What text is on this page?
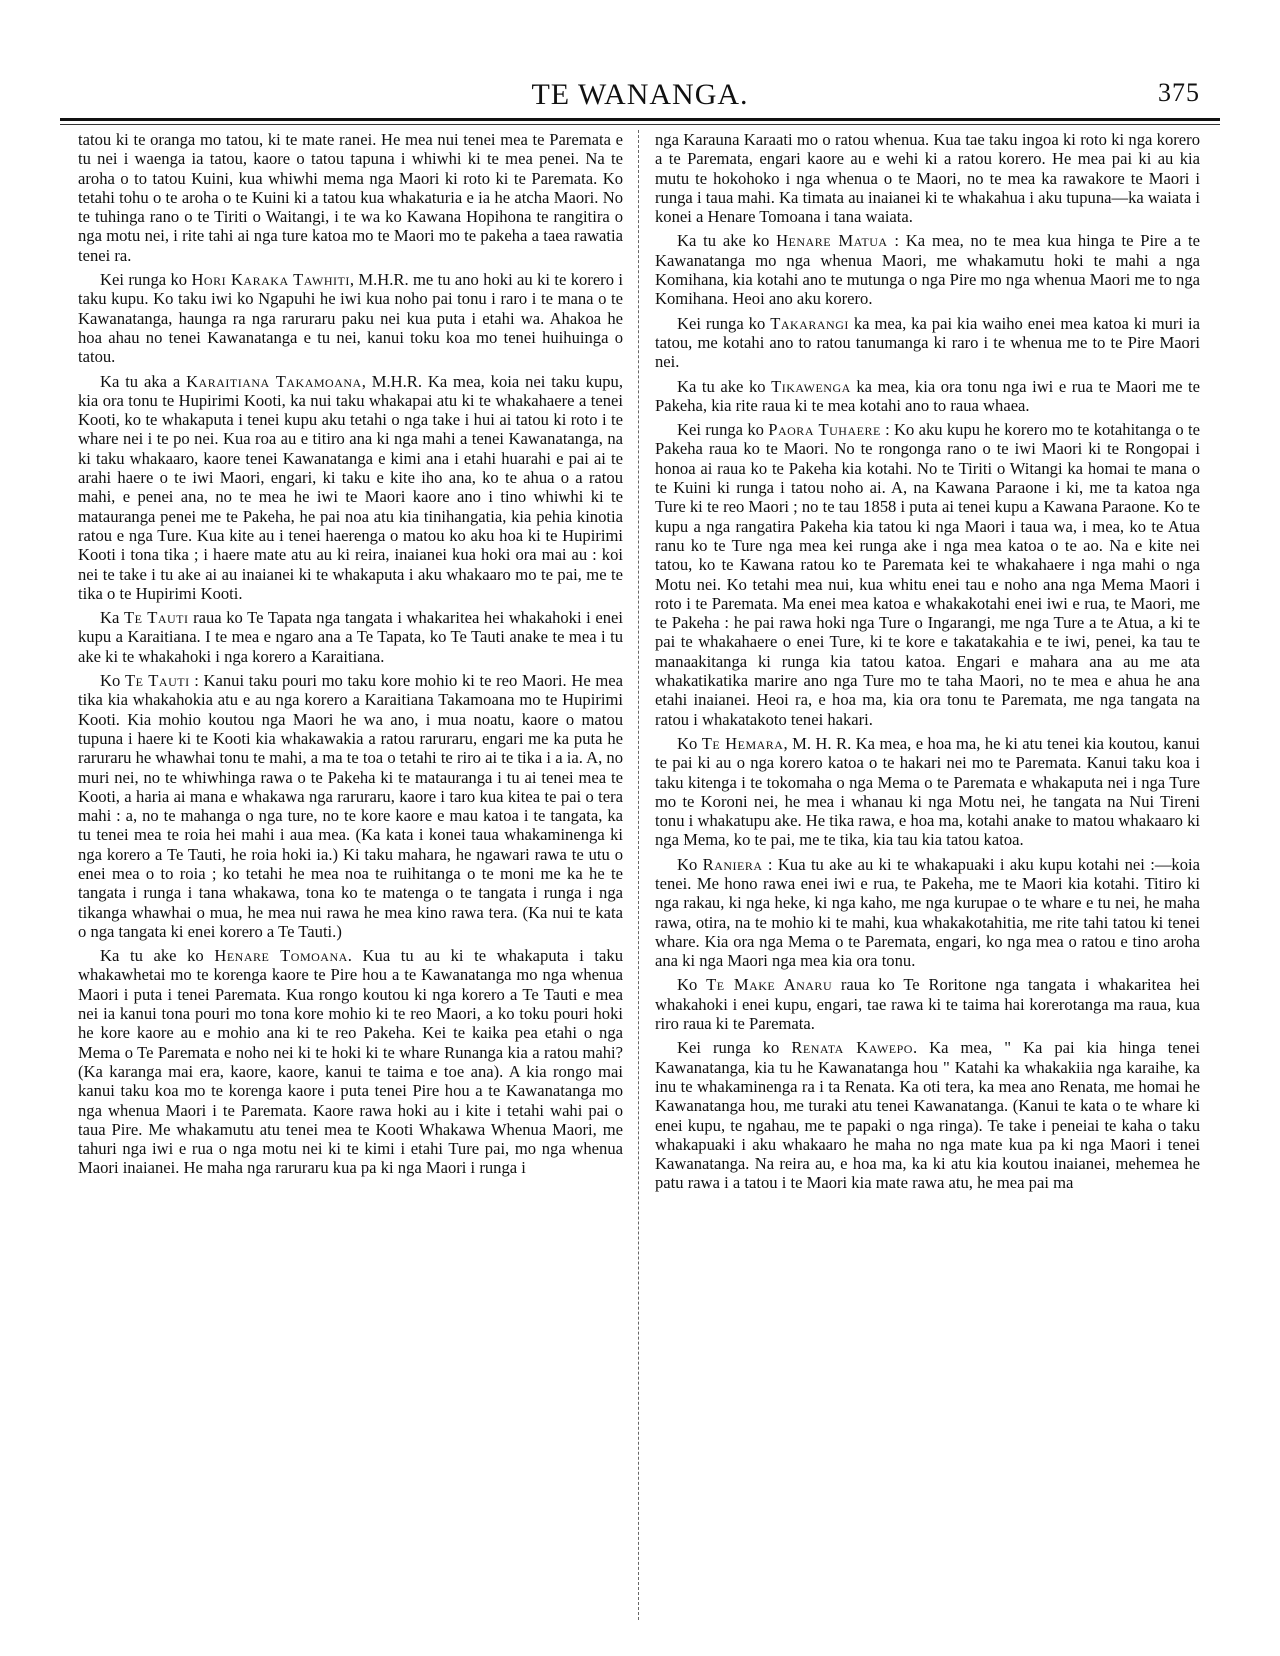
TE WANANGA.	375

tatou ki te oranga mo tatou, ki te mate ranei. He mea nui tenei mea te Paremata e tu nei i waenga ia tatou, kaore o tatou tapuna i whiwhi ki te mea penei. Na te aroha o to tatou Kuini, kua whiwhi mema nga Maori ki roto ki te Paremata. Ko tetahi tohu o te aroha o te Kuini ki a tatou kua whakaturia e ia he atcha Maori. No te tuhinga rano o te Tiriti o Waitangi, i te wa ko Kawana Hopihona te rangitira o nga motu nei, i rite tahi ai nga ture katoa mo te Maori mo te pakeha a taea rawatia tenei ra.

Kei runga ko Hori Karaka Tawhiti, M.H.R. me tu ano hoki au ki te korero i taku kupu. Ko taku iwi ko Ngapuhi he iwi kua noho pai tonu i raro i te mana o te Kawanatanga, haunga ra nga raruraru paku nei kua puta i etahi wa. Ahakoa he hoa ahau no tenei Kawanatanga e tu nei, kanui toku koa mo tenei huihuinga o tatou.

Ka tu aka a Karaitiana Takamoana, M.H.R. Ka mea, koia nei taku kupu, kia ora tonu te Hupirimi Kooti, ka nui taku whakapai atu ki te whakahaere a tenei Kooti, ko te whakaputa i tenei kupu aku tetahi o nga take i hui ai tatou ki roto i te whare nei i te po nei. Kua roa au e titiro ana ki nga mahi a tenei Kawanatanga, na ki taku whakaaro, kaore tenei Kawanatanga e kimi ana i etahi huarahi e pai ai te arahi haere o te iwi Maori, engari, ki taku e kite iho ana, ko te ahua o a ratou mahi, e penei ana, no te mea he iwi te Maori kaore ano i tino whiwhi ki te matauranga penei me te Pakeha, he pai noa atu kia tinihangatia, kia pehia kinotia ratou e nga Ture. Kua kite au i tenei haerenga o matou ko aku hoa ki te Hupirimi Kooti i tona tika ; i haere mate atu au ki reira, inaianei kua hoki ora mai au : koi nei te take i tu ake ai au inaianei ki te whakaputa i aku whakaaro mo te pai, me te tika o te Hupirimi Kooti.

Ka Te Tauti raua ko Te Tapata nga tangata i whakaritea hei whakahoki i enei kupu a Karaitiana. I te mea e ngaro ana a Te Tapata, ko Te Tauti anake te mea i tu ake ki te whakahoki i nga korero a Karaitiana.

Ko Te Tauti : Kanui taku pouri mo taku kore mohio ki te reo Maori. He mea tika kia whakahokia atu e au nga korero a Karaitiana Takamoana mo te Hupirimi Kooti. Kia mohio koutou nga Maori he wa ano, i mua noatu, kaore o matou tupuna i haere ki te Kooti kia whakawakia a ratou raruraru, engari me ka puta he raruraru he whawhai tonu te mahi, a ma te toa o tetahi te riro ai te tika i a ia. A, no muri nei, no te whiwhinga rawa o te Pakeha ki te matauranga i tu ai tenei mea te Kooti, a haria ai mana e whakawa nga raruraru, kaore i taro kua kitea te pai o tera mahi : a, no te mahanga o nga ture, no te kore kaore e mau katoa i te tangata, ka tu tenei mea te roia hei mahi i aua mea. (Ka kata i konei taua whakaminenga ki nga korero a Te Tauti, he roia hoki ia.) Ki taku mahara, he ngawari rawa te utu o enei mea o to roia ; ko tetahi he mea noa te ruihitanga o te moni me ka he te tangata i runga i tana whakawa, tona ko te matenga o te tangata i runga i nga tikanga whawhai o mua, he mea nui rawa he mea kino rawa tera. (Ka nui te kata o nga tangata ki enei korero a Te Tauti.)

Ka tu ake ko Henare Tomoana. Kua tu au ki te whakaputa i taku whakawhetai mo te korenga kaore te Pire hou a te Kawanatanga mo nga whenua Maori i puta i tenei Paremata. Kua rongo koutou ki nga korero a Te Tauti e mea nei ia kanui tona pouri mo tona kore mohio ki te reo Maori, a ko toku pouri hoki he kore kaore au e mohio ana ki te reo Pakeha. Kei te kaika pea etahi o nga Mema o Te Paremata e noho nei ki te hoki ki te whare Runanga kia a ratou mahi? (Ka karanga mai era, kaore, kaore, kanui te taima e toe ana). A kia rongo mai kanui taku koa mo te korenga kaore i puta tenei Pire hou a te Kawanatanga mo nga whenua Maori i te Paremata. Kaore rawa hoki au i kite i tetahi wahi pai o taua Pire. Me whakamutu atu tenei mea te Kooti Whakawa Whenua Maori, me tahuri nga iwi e rua o nga motu nei ki te kimi i etahi Ture pai, mo nga whenua Maori inaianei. He maha nga raruraru kua pa ki nga Maori i runga i

nga Karauna Karaati mo o ratou whenua. Kua tae taku ingoa ki roto ki nga korero a te Paremata, engari kaore au e wehi ki a ratou korero. He mea pai ki au kia mutu te hokohoko i nga whenua o te Maori, no te mea ka rawakore te Maori i runga i taua mahi. Ka timata au inaianei ki te whakahua i aku tupuna—ka waiata i konei a Henare Tomoana i tana waiata.

Ka tu ake ko Henare Matua : Ka mea, no te mea kua hinga te Pire a te Kawanatanga mo nga whenua Maori, me whakamutu hoki te mahi a nga Komihana, kia kotahi ano te mutunga o nga Pire mo nga whenua Maori me to nga Komihana. Heoi ano aku korero.

Kei runga ko Takarangi ka mea, ka pai kia waiho enei mea katoa ki muri ia tatou, me kotahi ano to ratou tanumanga ki raro i te whenua me to te Pire Maori nei.

Ka tu ake ko Tikawenga ka mea, kia ora tonu nga iwi e rua te Maori me te Pakeha, kia rite raua ki te mea kotahi ano to raua whaea.

Kei runga ko Paora Tuhaere : Ko aku kupu he korero mo te kotahitanga o te Pakeha raua ko te Maori. No te rongonga rano o te iwi Maori ki te Rongopai i honoa ai raua ko te Pakeha kia kotahi. No te Tiriti o Witangi ka homai te mana o te Kuini ki runga i tatou noho ai. A, na Kawana Paraone i ki, me ta katoa nga Ture ki te reo Maori ; no te tau 1858 i puta ai tenei kupu a Kawana Paraone. Ko te kupu a nga rangatira Pakeha kia tatou ki nga Maori i taua wa, i mea, ko te Atua ranu ko te Ture nga mea kei runga ake i nga mea katoa o te ao. Na e kite nei tatou, ko te Kawana ratou ko te Paremata kei te whakahaere i nga mahi o nga Motu nei. Ko tetahi mea nui, kua whitu enei tau e noho ana nga Mema Maori i roto i te Paremata. Ma enei mea katoa e whakakotahi enei iwi e rua, te Maori, me te Pakeha : he pai rawa hoki nga Ture o Ingarangi, me nga Ture a te Atua, a ki te pai te whakahaere o enei Ture, ki te kore e takatakahia e te iwi, penei, ka tau te manaakitanga ki runga kia tatou katoa. Engari e mahara ana au me ata whakatikatika marire ano nga Ture mo te taha Maori, no te mea e ahua he ana etahi inaianei. Heoi ra, e hoa ma, kia ora tonu te Paremata, me nga tangata na ratou i whakatakoto tenei hakari.

Ko Te Hemara, M. H. R. Ka mea, e hoa ma, he ki atu tenei kia koutou, kanui te pai ki au o nga korero katoa o te hakari nei mo te Paremata. Kanui taku koa i taku kitenga i te tokomaha o nga Mema o te Paremata e whakaputa nei i nga Ture mo te Koroni nei, he mea i whanau ki nga Motu nei, he tangata na Nui Tireni tonu i whakatupu ake. He tika rawa, e hoa ma, kotahi anake to matou whakaaro ki nga Mema, ko te pai, me te tika, kia tau kia tatou katoa.

Ko Raniera : Kua tu ake au ki te whakapuaki i aku kupu kotahi nei :—koia tenei. Me hono rawa enei iwi e rua, te Pakeha, me te Maori kia kotahi. Titiro ki nga rakau, ki nga heke, ki nga kaho, me nga kurupae o te whare e tu nei, he maha rawa, otira, na te mohio ki te mahi, kua whakakotahitia, me rite tahi tatou ki tenei whare. Kia ora nga Mema o te Paremata, engari, ko nga mea o ratou e tino aroha ana ki nga Maori nga mea kia ora tonu.

Ko Te Make Anaru raua ko Te Roritone nga tangata i whakaritea hei whakahoki i enei kupu, engari, tae rawa ki te taima hai korerotanga ma raua, kua riro raua ki te Paremata.

Kei runga ko Renata Kawepo. Ka mea, " Ka pai kia hinga tenei Kawanatanga, kia tu he Kawanatanga hou " Katahi ka whakakiia nga karaihe, ka inu te whakaminenga ra i ta Renata. Ka oti tera, ka mea ano Renata, me homai he Kawanatanga hou, me turaki atu tenei Kawanatanga. (Kanui te kata o te whare ki enei kupu, te ngahau, me te papaki o nga ringa). Te take i peneiai te kaha o taku whakapuaki i aku whakaaro he maha no nga mate kua pa ki nga Maori i tenei Kawanatanga. Na reira au, e hoa ma, ka ki atu kia koutou inaianei, mehemea he patu rawa i a tatou i te Maori kia mate rawa atu, he mea pai ma
